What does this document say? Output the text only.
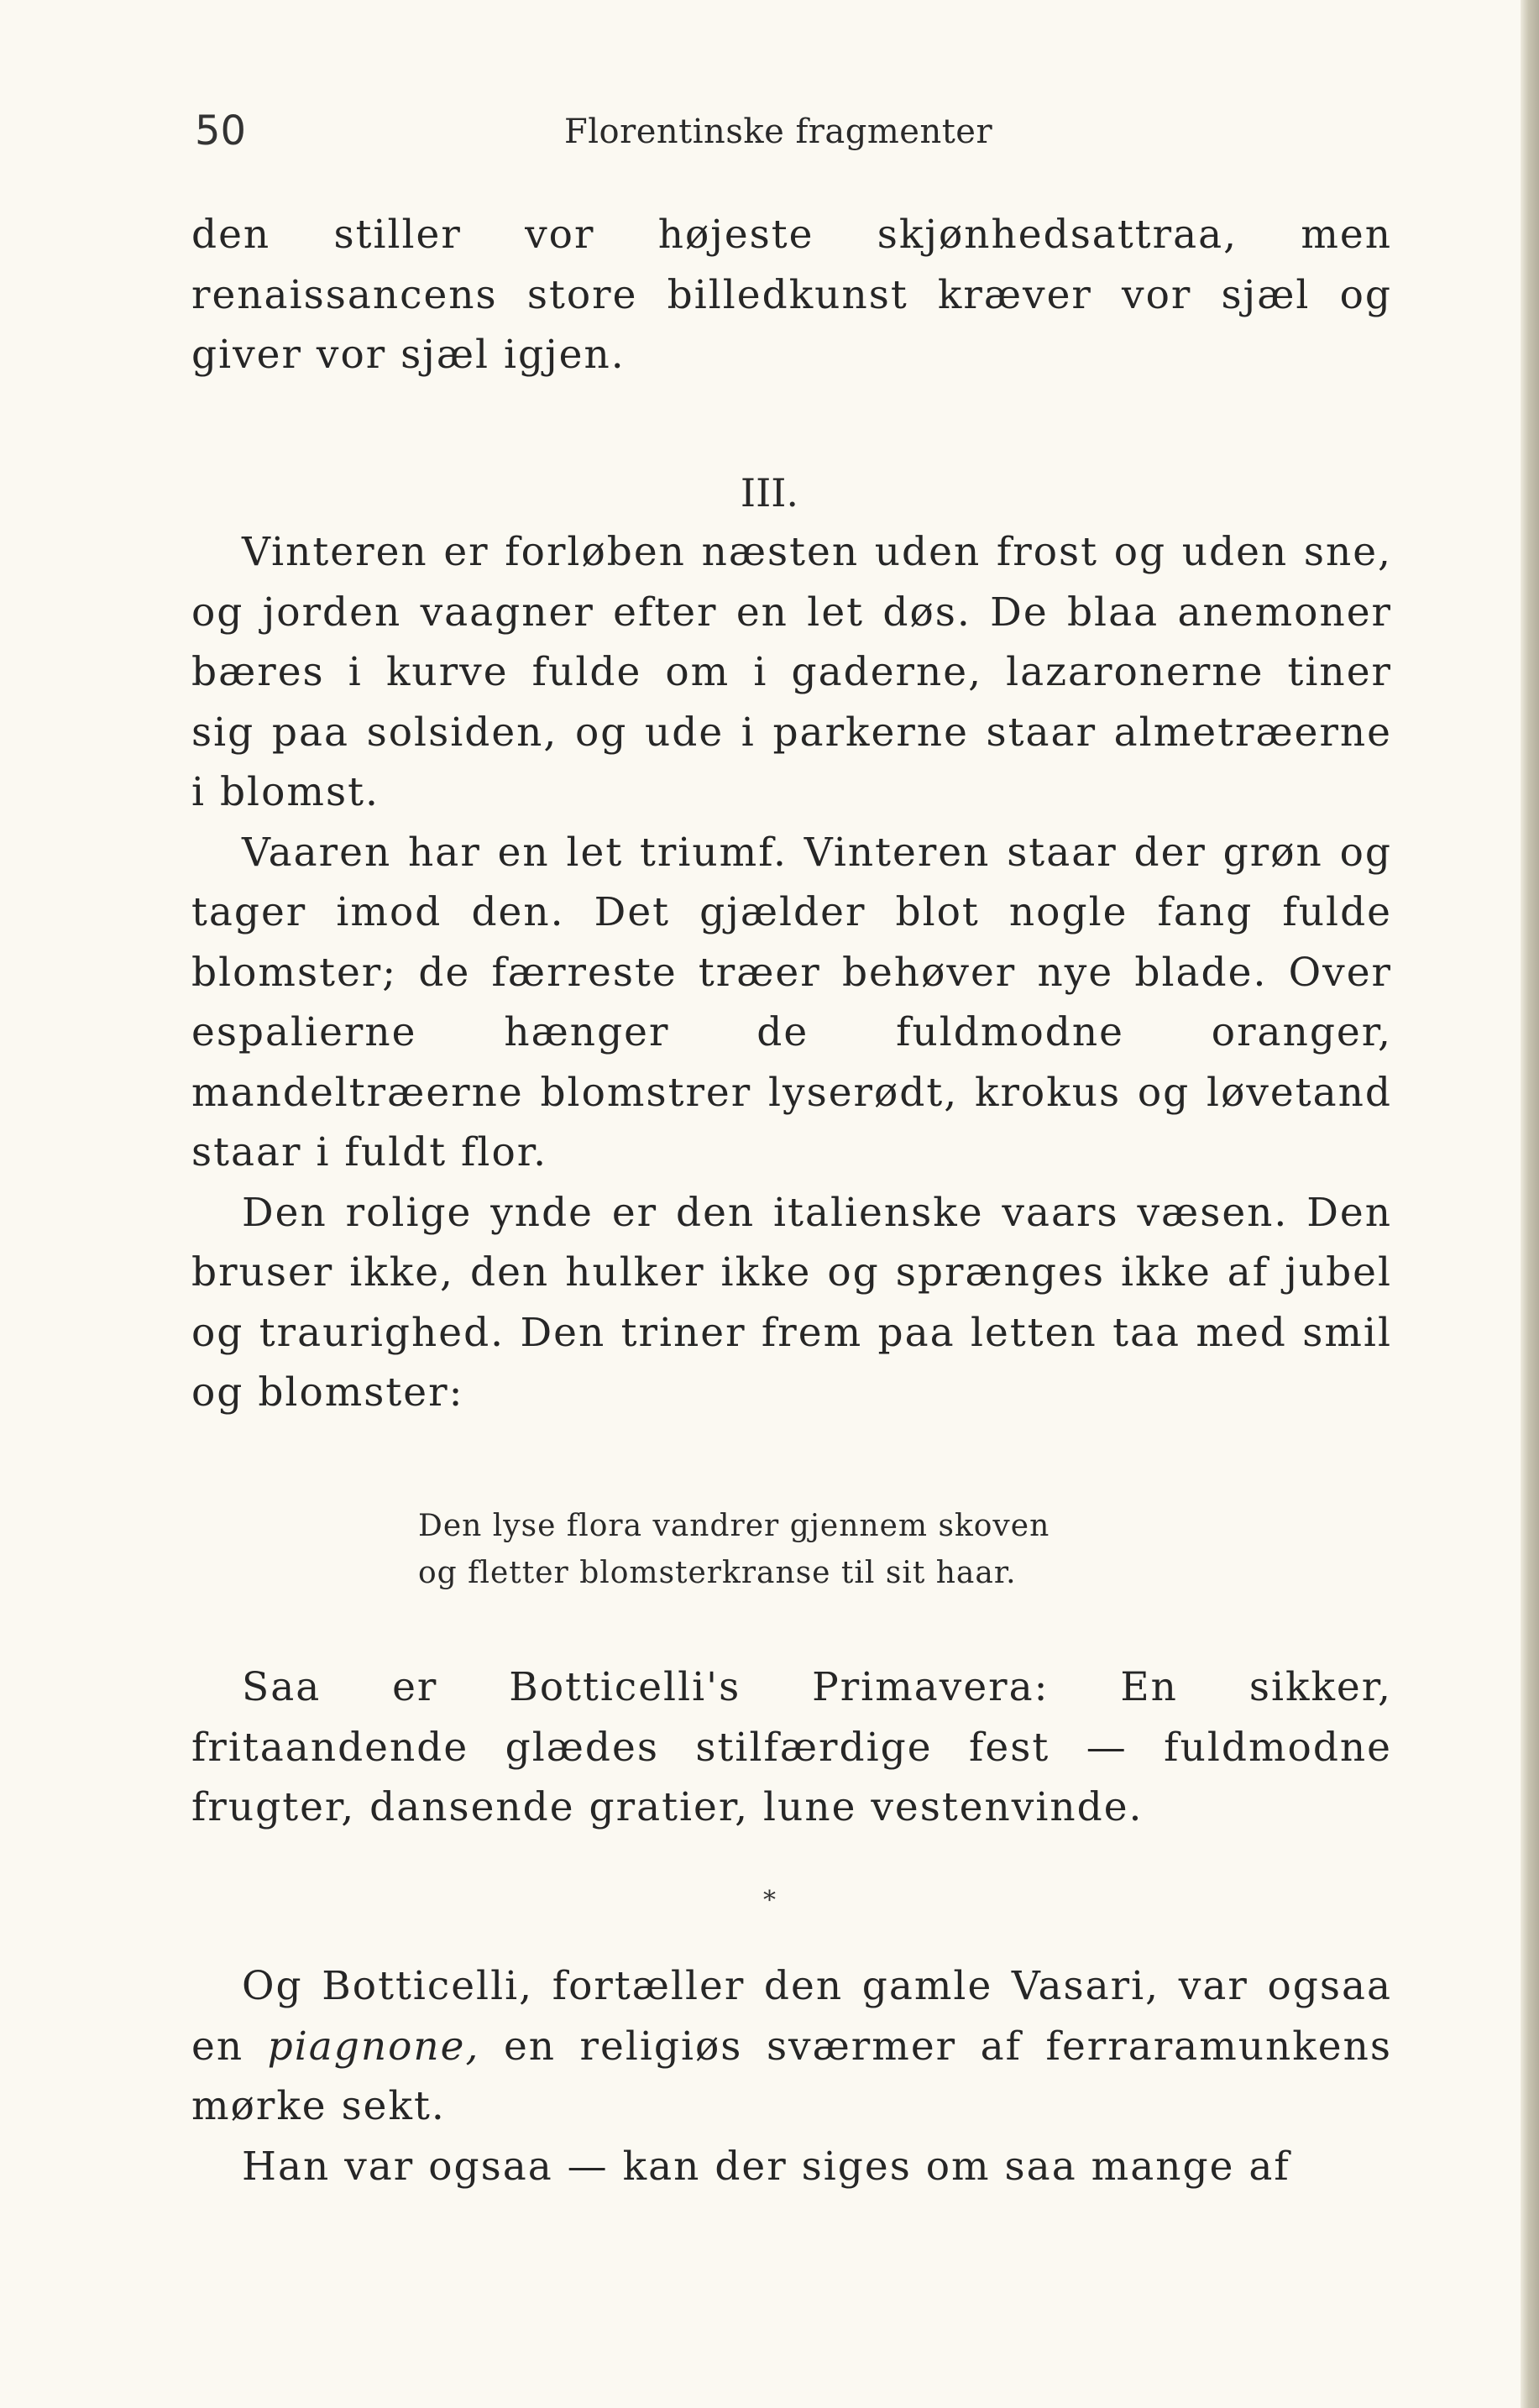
50	Florentinske fragmenter

den stiller vor højeste skjønhedsattraa, men renaissancens store billedkunst kræver vor sjæl og giver vor sjæl igjen.

III.

Vinteren er forløben næsten uden frost og uden sne, og jorden vaagner efter en let døs. De blaa anemoner bæres i kurve fulde om i gaderne, lazaronerne tiner sig paa solsiden, og ude i parkerne staar almetræerne i blomst.

Vaaren har en let triumf. Vinteren staar der grøn og tager imod den. Det gjælder blot nogle fang fulde blomster; de færreste træer behøver nye blade. Over espalierne hænger de fuldmodne oranger, mandeltræerne blomstrer lyserødt, krokus og løvetand staar i fuldt flor.

Den rolige ynde er den italienske vaars væsen. Den bruser ikke, den hulker ikke og sprænges ikke af jubel og traurighed. Den triner frem paa letten taa med smil og blomster:

Den lyse flora vandrer gjennem skoven
og fletter blomsterkranse til sit haar.

Saa er Botticelli's Primavera: En sikker, fritaandende glædes stilfærdige fest — fuldmodne frugter, dansende gratier, lune vestenvinde.

*

Og Botticelli, fortæller den gamle Vasari, var ogsaa en piagnone, en religiøs sværmer af ferraramunkens mørke sekt.

Han var ogsaa — kan der siges om saa mange af
